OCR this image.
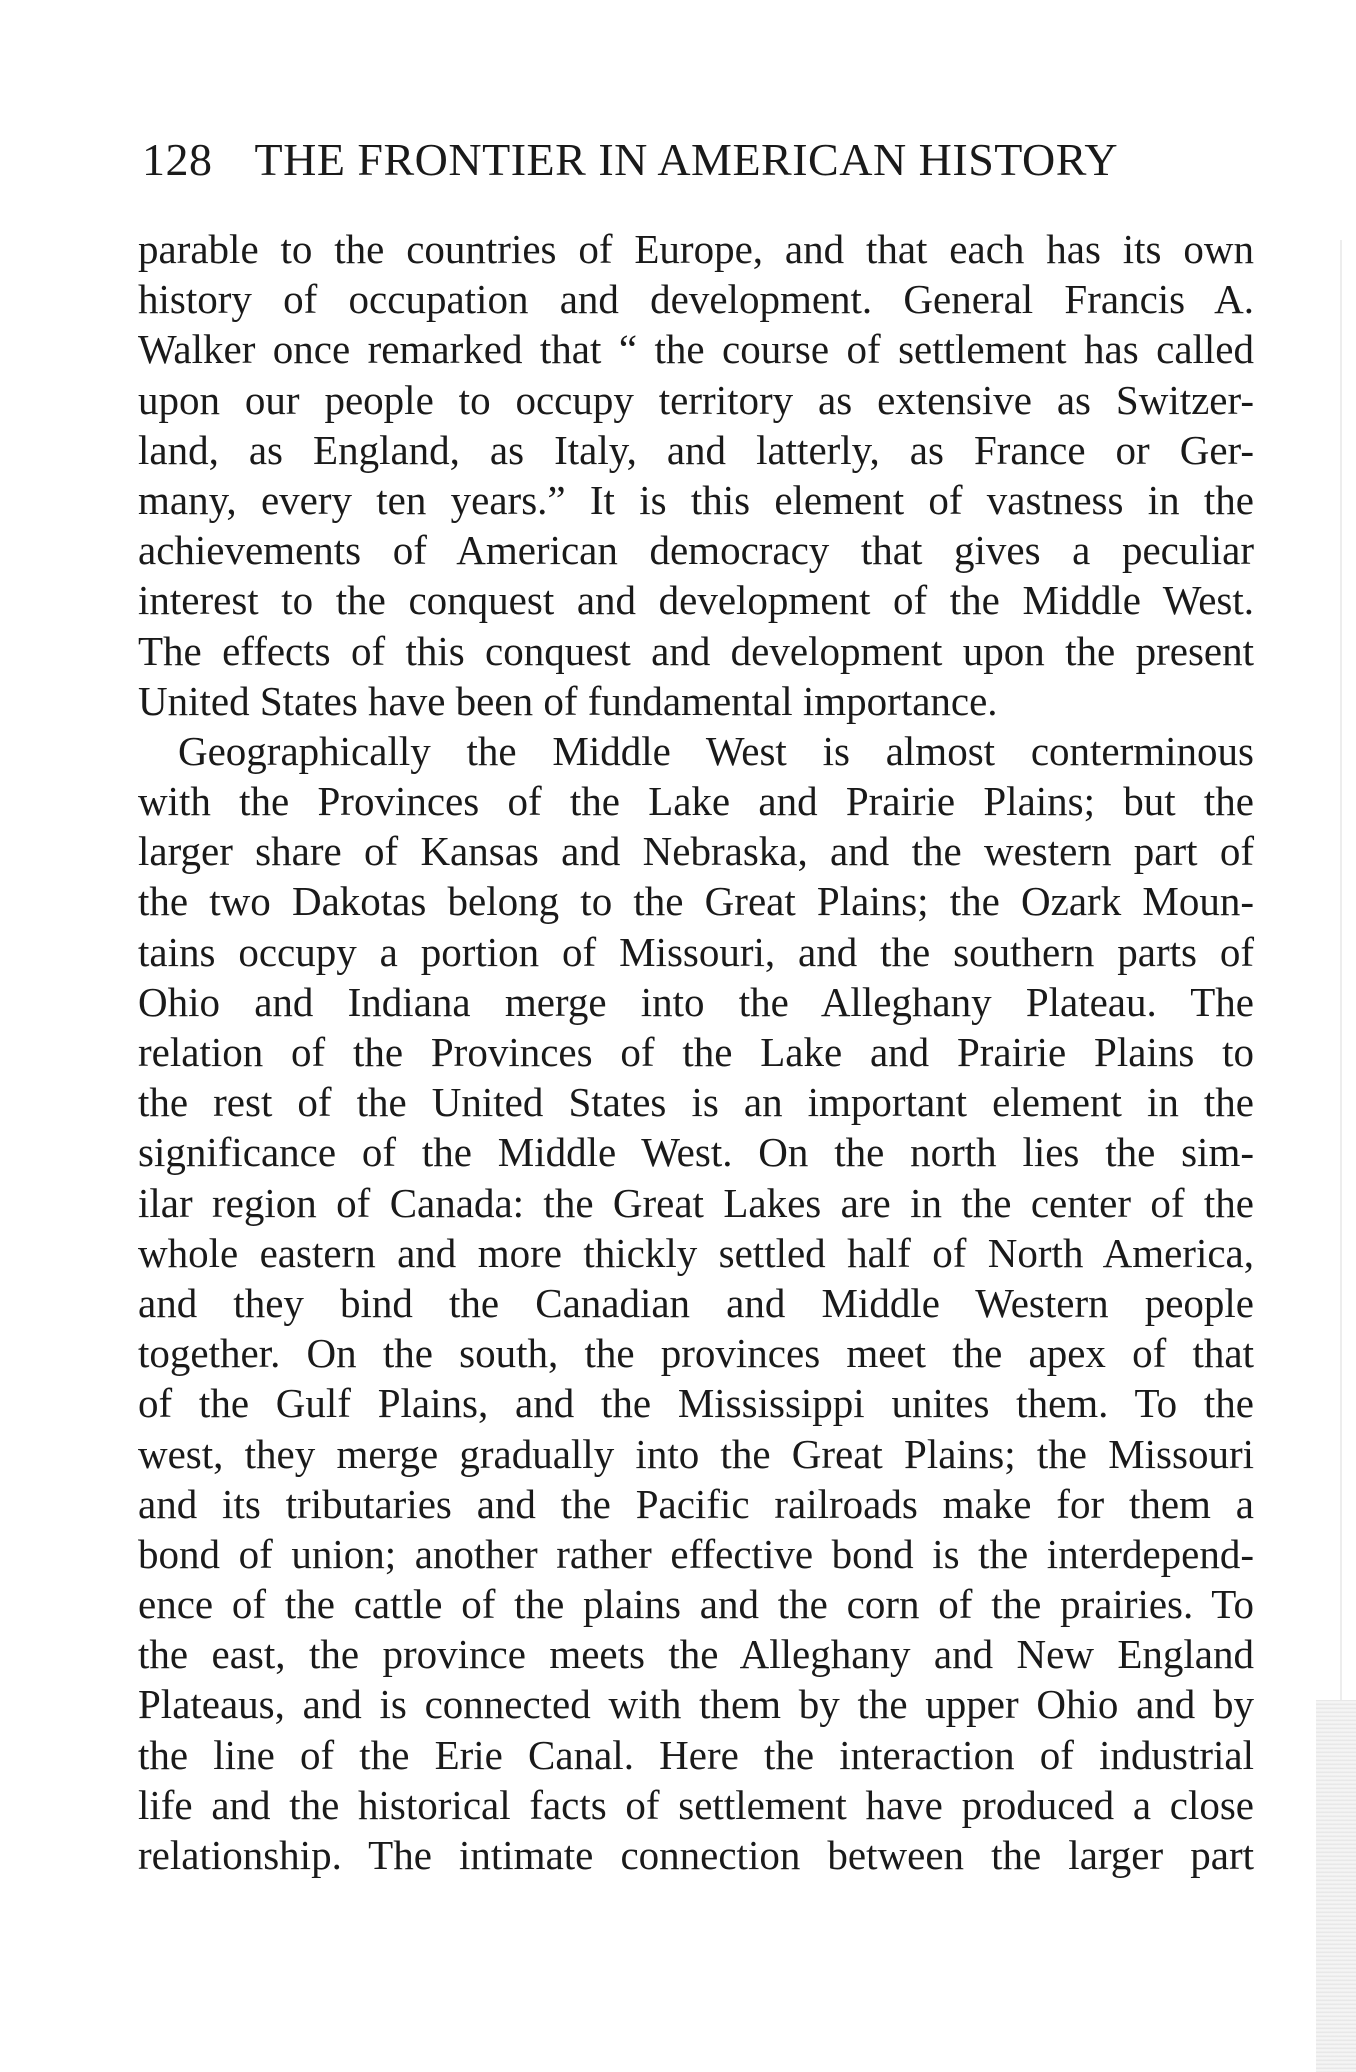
128 THE FRONTIER IN AMERICAN HISTORY
parable to the countries of Europe, and that each has its own
history of occupation and development. General Francis A.
Walker once remarked that “ the course of settlement has called
upon our people to occupy territory as extensive as Switzer-
land, as England, as Italy, and latterly, as France or Ger-
many, every ten years.” It is this element of vastness in the
achievements of American democracy that gives a peculiar
interest to the conquest and development of the Middle West.
The effects of this conquest and development upon the present
United States have been of fundamental importance.
Geographically the Middle West is almost conterminous
with the Provinces of the Lake and Prairie Plains; but the
larger share of Kansas and Nebraska, and the western part of
the two Dakotas belong to the Great Plains; the Ozark Moun-
tains occupy a portion of Missouri, and the southern parts of
Ohio and Indiana merge into the Alleghany Plateau. The
relation of the Provinces of the Lake and Prairie Plains to
the rest of the United States is an important element in the
significance of the Middle West. On the north lies the sim-
ilar region of Canada: the Great Lakes are in the center of the
whole eastern and more thickly settled half of North America,
and they bind the Canadian and Middle Western people
together. On the south, the provinces meet the apex of that
of the Gulf Plains, and the Mississippi unites them. To the
west, they merge gradually into the Great Plains; the Missouri
and its tributaries and the Pacific railroads make for them a
bond of union; another rather effective bond is the interdepend-
ence of the cattle of the plains and the corn of the prairies. To
the east, the province meets the Alleghany and New England
Plateaus, and is connected with them by the upper Ohio and by
the line of the Erie Canal. Here the interaction of industrial
life and the historical facts of settlement have produced a close
relationship. The intimate connection between the larger part
